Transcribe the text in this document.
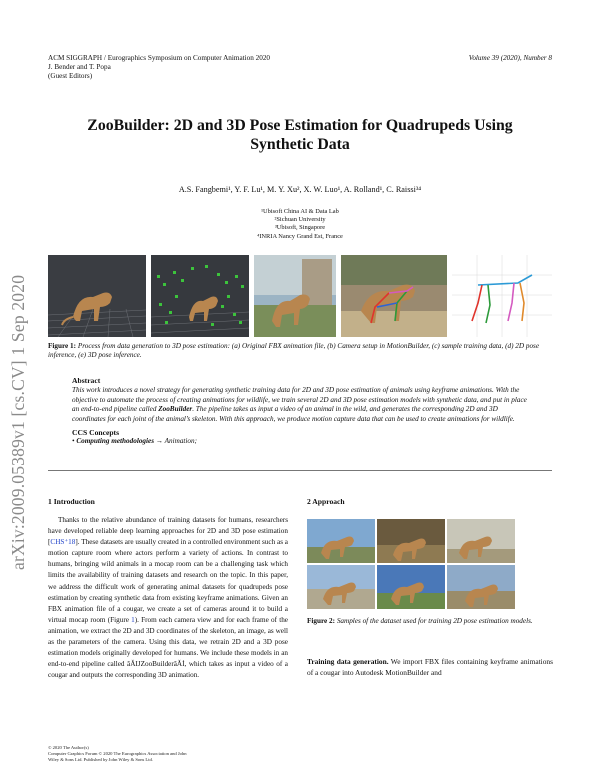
ACM SIGGRAPH / Eurographics Symposium on Computer Animation 2020
J. Bender and T. Popa
(Guest Editors)
Volume 39 (2020), Number 8
ZooBuilder: 2D and 3D Pose Estimation for Quadrupeds Using Synthetic Data
A.S. Fangbemi¹, Y. F. Lu¹, M. Y. Xu², X. W. Luo¹, A. Rolland¹, C. Raissi³⁴
¹Ubisoft China AI & Data Lab
²Sichuan University
³Ubisoft, Singapore
⁴INRIA Nancy Grand Est, France
arXiv:2009.05389v1 [cs.CV] 1 Sep 2020	Figure 1: Process from data generation to 3D pose estimation: (a) Original FBX animation file, (b) Camera setup in MotionBuilder, (c) sample training data, (d) 2D pose inference, (e) 3D pose inference.
Abstract
This work introduces a novel strategy for generating synthetic training data for 2D and 3D pose estimation of animals using keyframe animations. With the objective to automate the process of creating animations for wildlife, we train several 2D and 3D pose estimation models with synthetic data, and put in place an end-to-end pipeline called ZooBuilder. The pipeline takes as input a video of an animal in the wild, and generates the corresponding 2D and 3D coordinates for each joint of the animal’s skeleton. With this approach, we produce motion capture data that can be used to create animations for wildlife.
CCS Concepts
• Computing methodologies → Animation;
1 Introduction

Thanks to the relative abundance of training datasets for humans, researchers have developed reliable deep learning approaches for 2D and 3D pose estimation [CHS⁺18]. These datasets are usually created in a controlled environment such as a motion capture room where actors perform a variety of actions. In contrast to humans, bringing wild animals in a mocap room can be a challenging task which limits the availability of training datasets and research on the topic. In this paper, we address the difficult work of generating animal datasets for quadrupeds pose estimation by creating synthetic data from existing keyframe animations. Given an FBX animation file of a cougar, we create a set of cameras around it to build a virtual mocap room (Figure 1). From each camera view and for each frame of the animation, we extract the 2D and 3D coordinates of the skeleton, an image, as well as the parameters of the camera. Using this data, we retrain 2D and a 3D pose estimation models originally developed for humans. We include these models in an end-to-end pipeline called âĂIJZooBuilderâĂİ, which takes as input a video of a cougar and outputs the corresponding 3D animation.

© 2020 The Author(s)
Computer Graphics Forum © 2020 The Eurographics Association and John
Wiley & Sons Ltd. Published by John Wiley & Sons Ltd.
2 Approach
Figure 2: Samples of the dataset used for training 2D pose estimation models.
Training data generation. We import FBX files containing keyframe animations of a cougar into Autodesk MotionBuilder and
